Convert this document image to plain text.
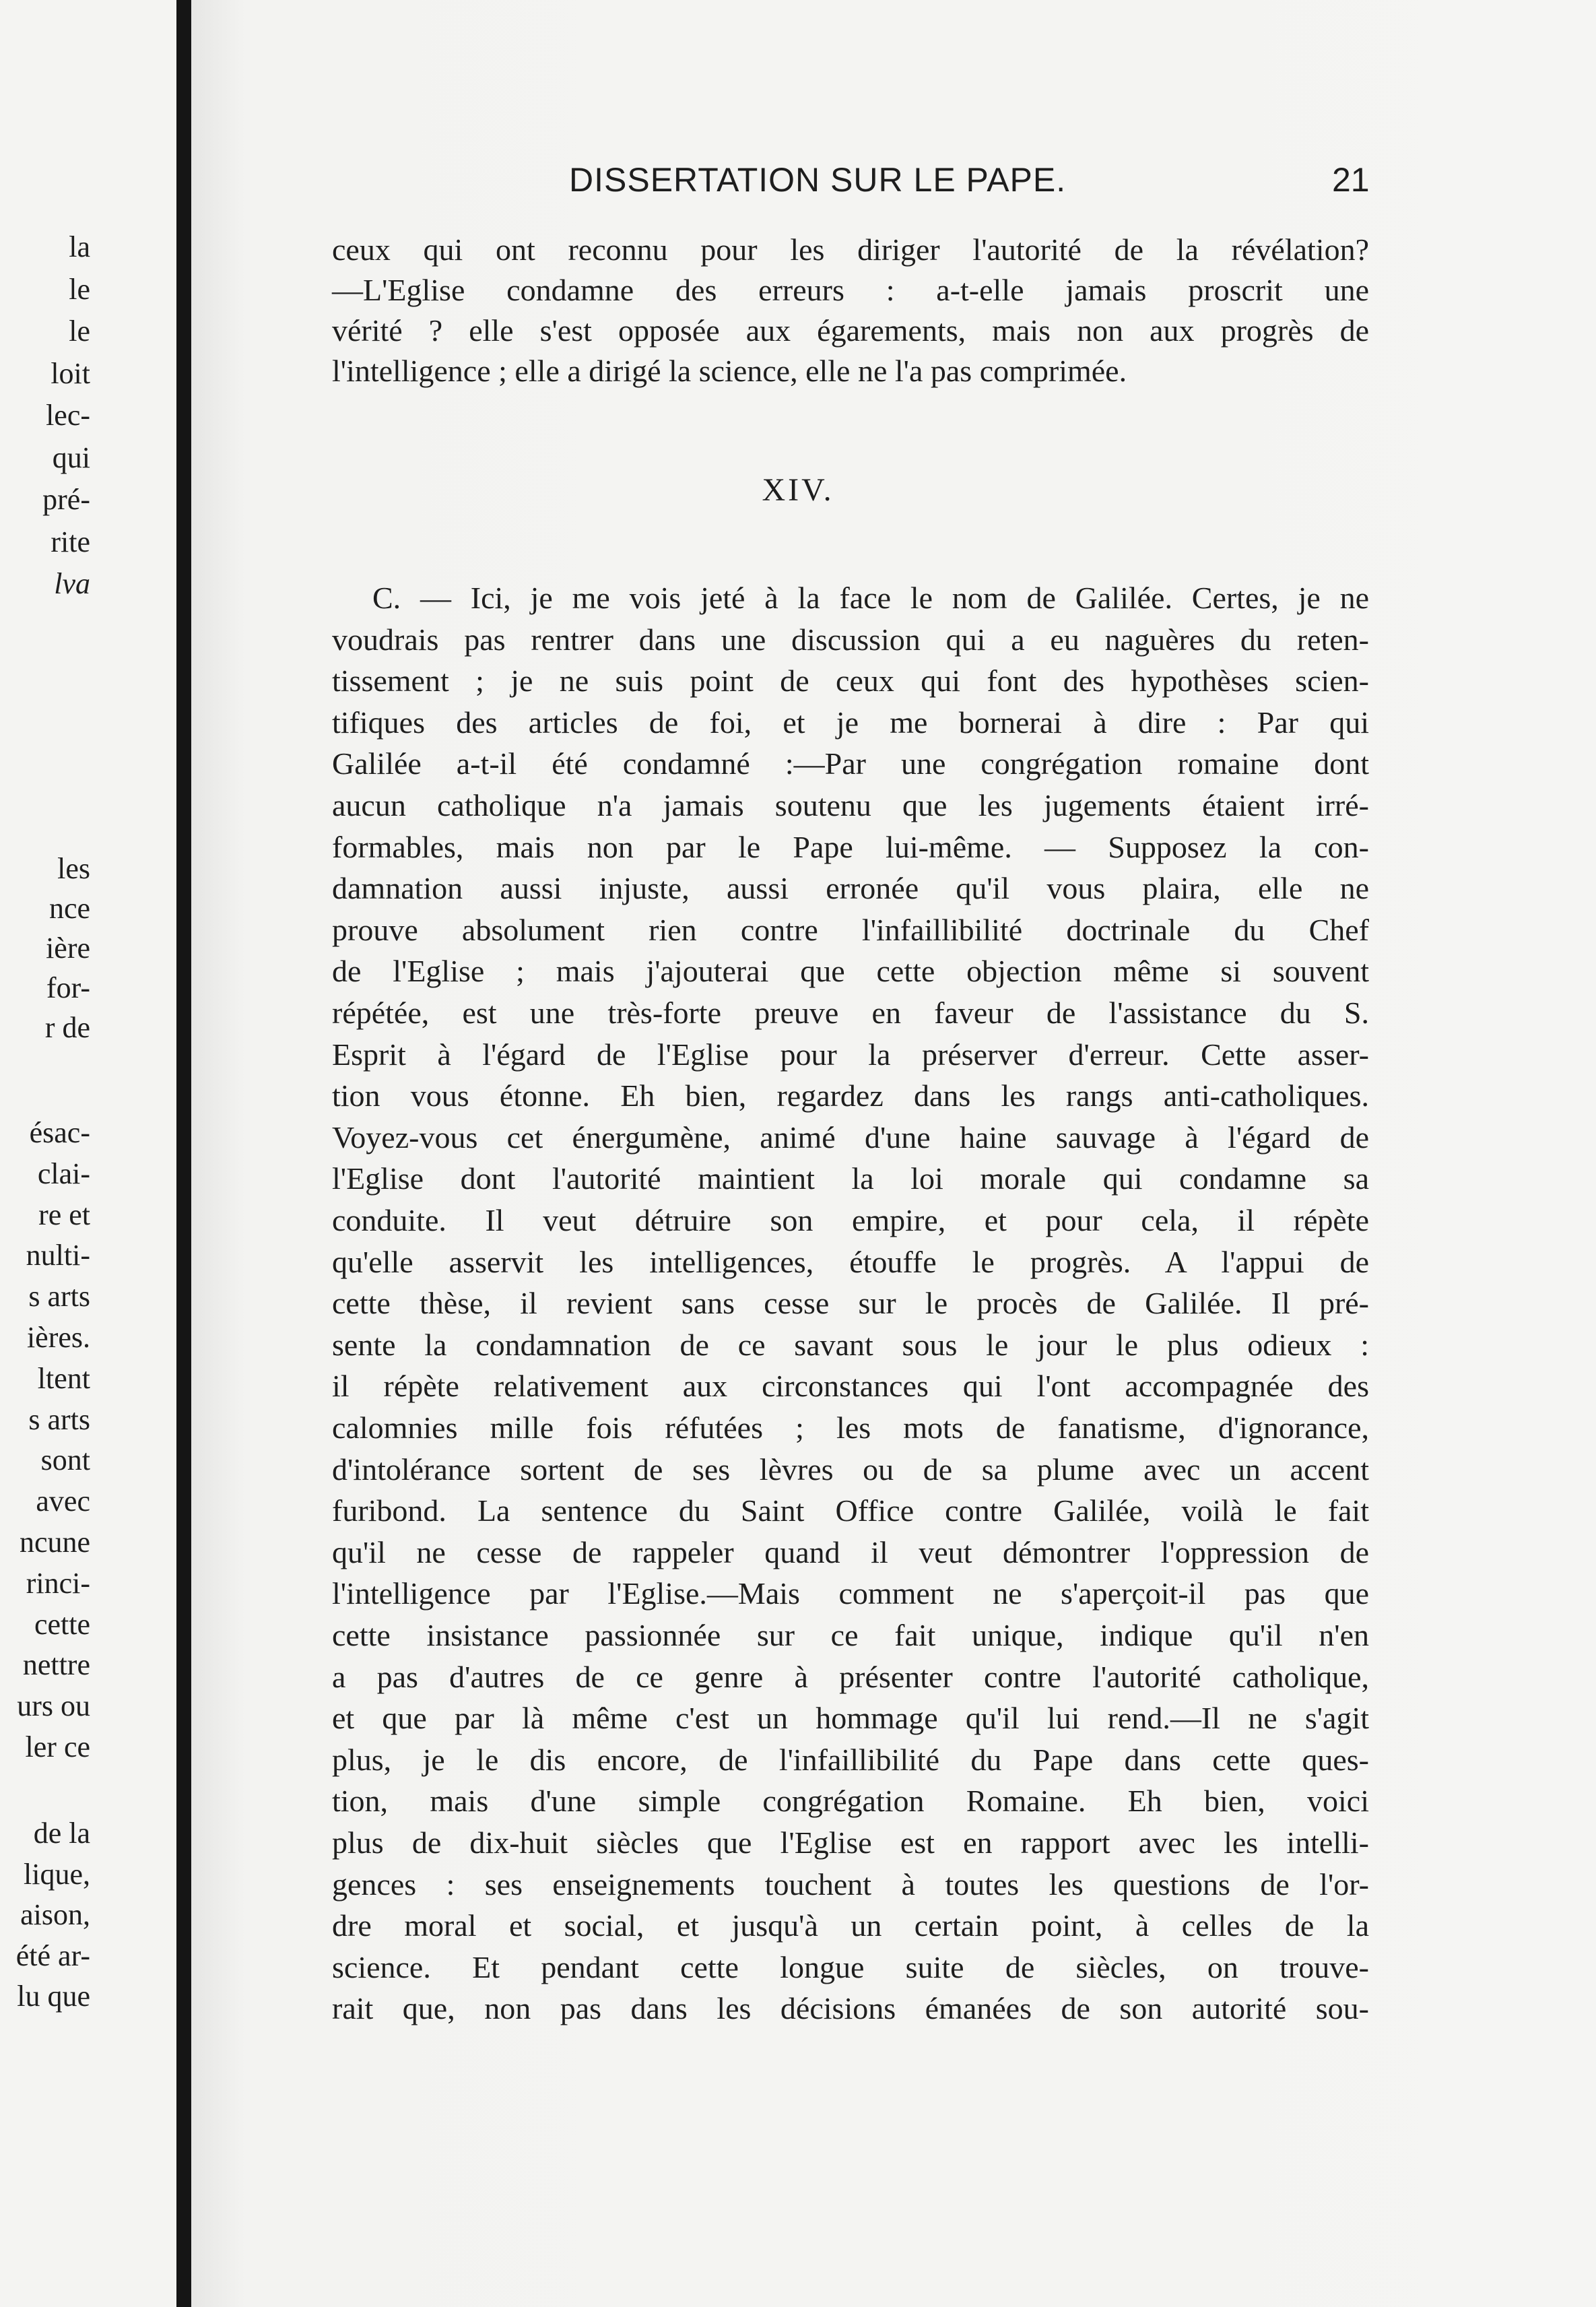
la
le
le
loit
lec-
qui
pré-
rite
lva
les
nce
ière
for-
r de
ésac-
clai-
re et
nulti-
s arts
ières.
ltent
s arts
sont
avec
ncune
rinci-
cette
nettre
urs ou
ler ce
de la
lique,
aison,
été ar-
lu que
DISSERTATION SUR LE PAPE.	21
ceux qui ont reconnu pour les diriger l'autorité de la révélation?
—L'Eglise condamne des erreurs : a-t-elle jamais proscrit une
vérité ? elle s'est opposée aux égarements, mais non aux progrès de
l'intelligence ; elle a dirigé la science, elle ne l'a pas comprimée.
XIV.
C. — Ici, je me vois jeté à la face le nom de Galilée. Certes, je ne
voudrais pas rentrer dans une discussion qui a eu naguères du reten-
tissement ; je ne suis point de ceux qui font des hypothèses scien-
tifiques des articles de foi, et je me bornerai à dire : Par qui
Galilée a-t-il été condamné :—Par une congrégation romaine dont
aucun catholique n'a jamais soutenu que les jugements étaient irré-
formables, mais non par le Pape lui-même. — Supposez la con-
damnation aussi injuste, aussi erronée qu'il vous plaira, elle ne
prouve absolument rien contre l'infaillibilité doctrinale du Chef
de l'Eglise ; mais j'ajouterai que cette objection même si souvent
répétée, est une très-forte preuve en faveur de l'assistance du S.
Esprit à l'égard de l'Eglise pour la préserver d'erreur. Cette asser-
tion vous étonne. Eh bien, regardez dans les rangs anti-catholiques.
Voyez-vous cet énergumène, animé d'une haine sauvage à l'égard de
l'Eglise dont l'autorité maintient la loi morale qui condamne sa
conduite. Il veut détruire son empire, et pour cela, il répète
qu'elle asservit les intelligences, étouffe le progrès. A l'appui de
cette thèse, il revient sans cesse sur le procès de Galilée. Il pré-
sente la condamnation de ce savant sous le jour le plus odieux :
il répète relativement aux circonstances qui l'ont accompagnée des
calomnies mille fois réfutées ; les mots de fanatisme, d'ignorance,
d'intolérance sortent de ses lèvres ou de sa plume avec un accent
furibond. La sentence du Saint Office contre Galilée, voilà le fait
qu'il ne cesse de rappeler quand il veut démontrer l'oppression de
l'intelligence par l'Eglise.—Mais comment ne s'aperçoit-il pas que
cette insistance passionnée sur ce fait unique, indique qu'il n'en
a pas d'autres de ce genre à présenter contre l'autorité catholique,
et que par là même c'est un hommage qu'il lui rend.—Il ne s'agit
plus, je le dis encore, de l'infaillibilité du Pape dans cette ques-
tion, mais d'une simple congrégation Romaine. Eh bien, voici
plus de dix-huit siècles que l'Eglise est en rapport avec les intelli-
gences : ses enseignements touchent à toutes les questions de l'or-
dre moral et social, et jusqu'à un certain point, à celles de la
science. Et pendant cette longue suite de siècles, on trouve-
rait que, non pas dans les décisions émanées de son autorité sou-
